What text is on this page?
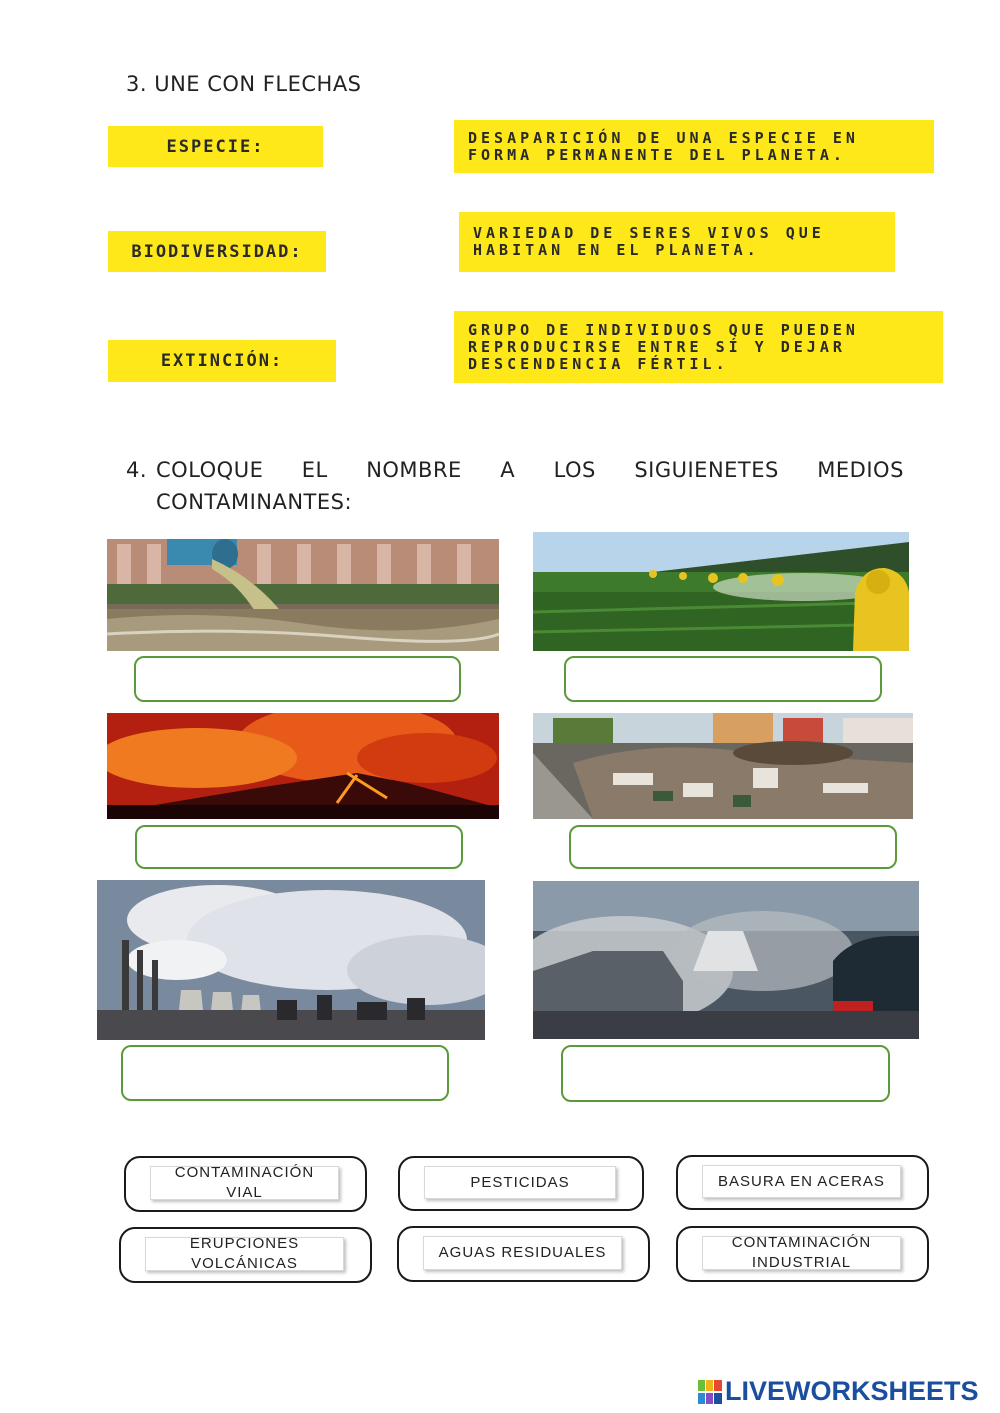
3. UNE CON FLECHAS
ESPECIE:
BIODIVERSIDAD:
EXTINCIÓN:
DESAPARICIÓN DE UNA ESPECIE EN FORMA PERMANENTE DEL PLANETA.
VARIEDAD DE SERES VIVOS QUE HABITAN EN EL PLANETA.
GRUPO DE INDIVIDUOS QUE PUEDEN REPRODUCIRSE ENTRE SÍ Y DEJAR DESCENDENCIA FÉRTIL.
4. COLOQUE EL NOMBRE A LOS SIGUIENETES MEDIOS
CONTAMINANTES:
CONTAMINACIÓN
VIAL
PESTICIDAS	BASURA EN ACERAS
ERUPCIONES
VOLCÁNICAS
AGUAS RESIDUALES
CONTAMINACIÓN
INDUSTRIAL
LIVEWORKSHEETS
